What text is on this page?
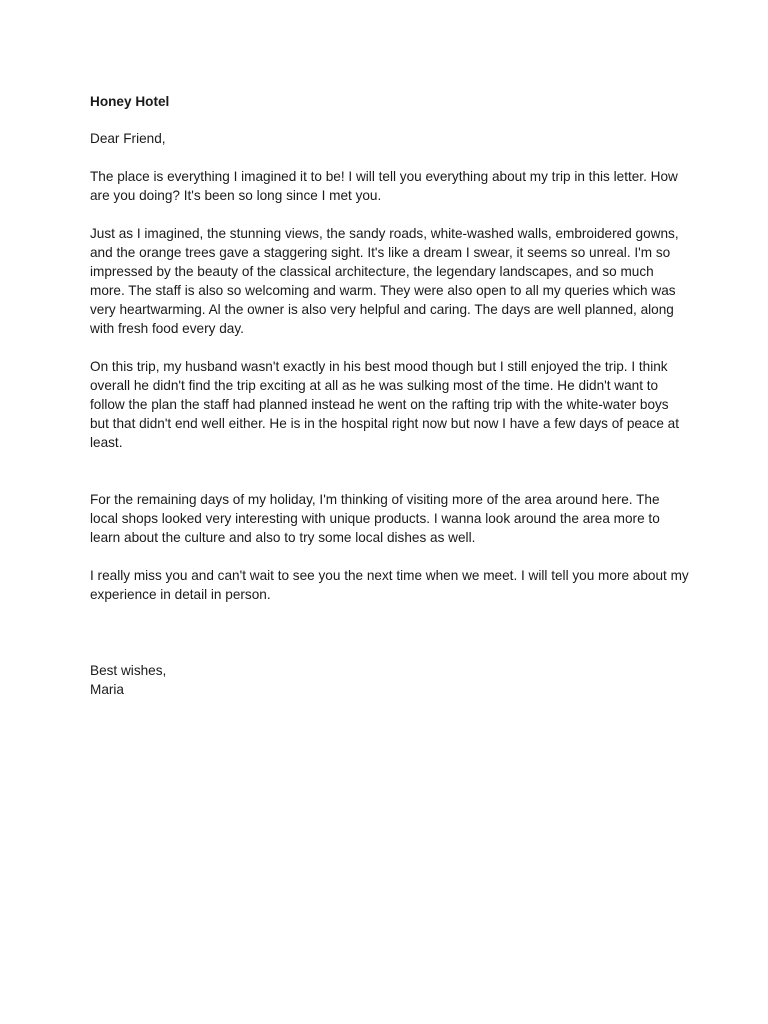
Honey Hotel

Dear Friend,

The place is everything I imagined it to be! I will tell you everything about my trip in this letter. How are you doing? It's been so long since I met you.

Just as I imagined, the stunning views, the sandy roads, white-washed walls, embroidered gowns, and the orange trees gave a staggering sight. It's like a dream I swear, it seems so unreal. I'm so impressed by the beauty of the classical architecture, the legendary landscapes, and so much more. The staff is also so welcoming and warm. They were also open to all my queries which was very heartwarming. Al the owner is also very helpful and caring. The days are well planned, along with fresh food every day.

On this trip, my husband wasn't exactly in his best mood though but I still enjoyed the trip. I think overall he didn't find the trip exciting at all as he was sulking most of the time. He didn't want to follow the plan the staff had planned instead he went on the rafting trip with the white-water boys but that didn't end well either. He is in the hospital right now but now I have a few days of peace at least.

For the remaining days of my holiday, I'm thinking of visiting more of the area around here. The local shops looked very interesting with unique products. I wanna look around the area more to learn about the culture and also to try some local dishes as well.

I really miss you and can't wait to see you the next time when we meet. I will tell you more about my experience in detail in person.

Best wishes,

Maria
